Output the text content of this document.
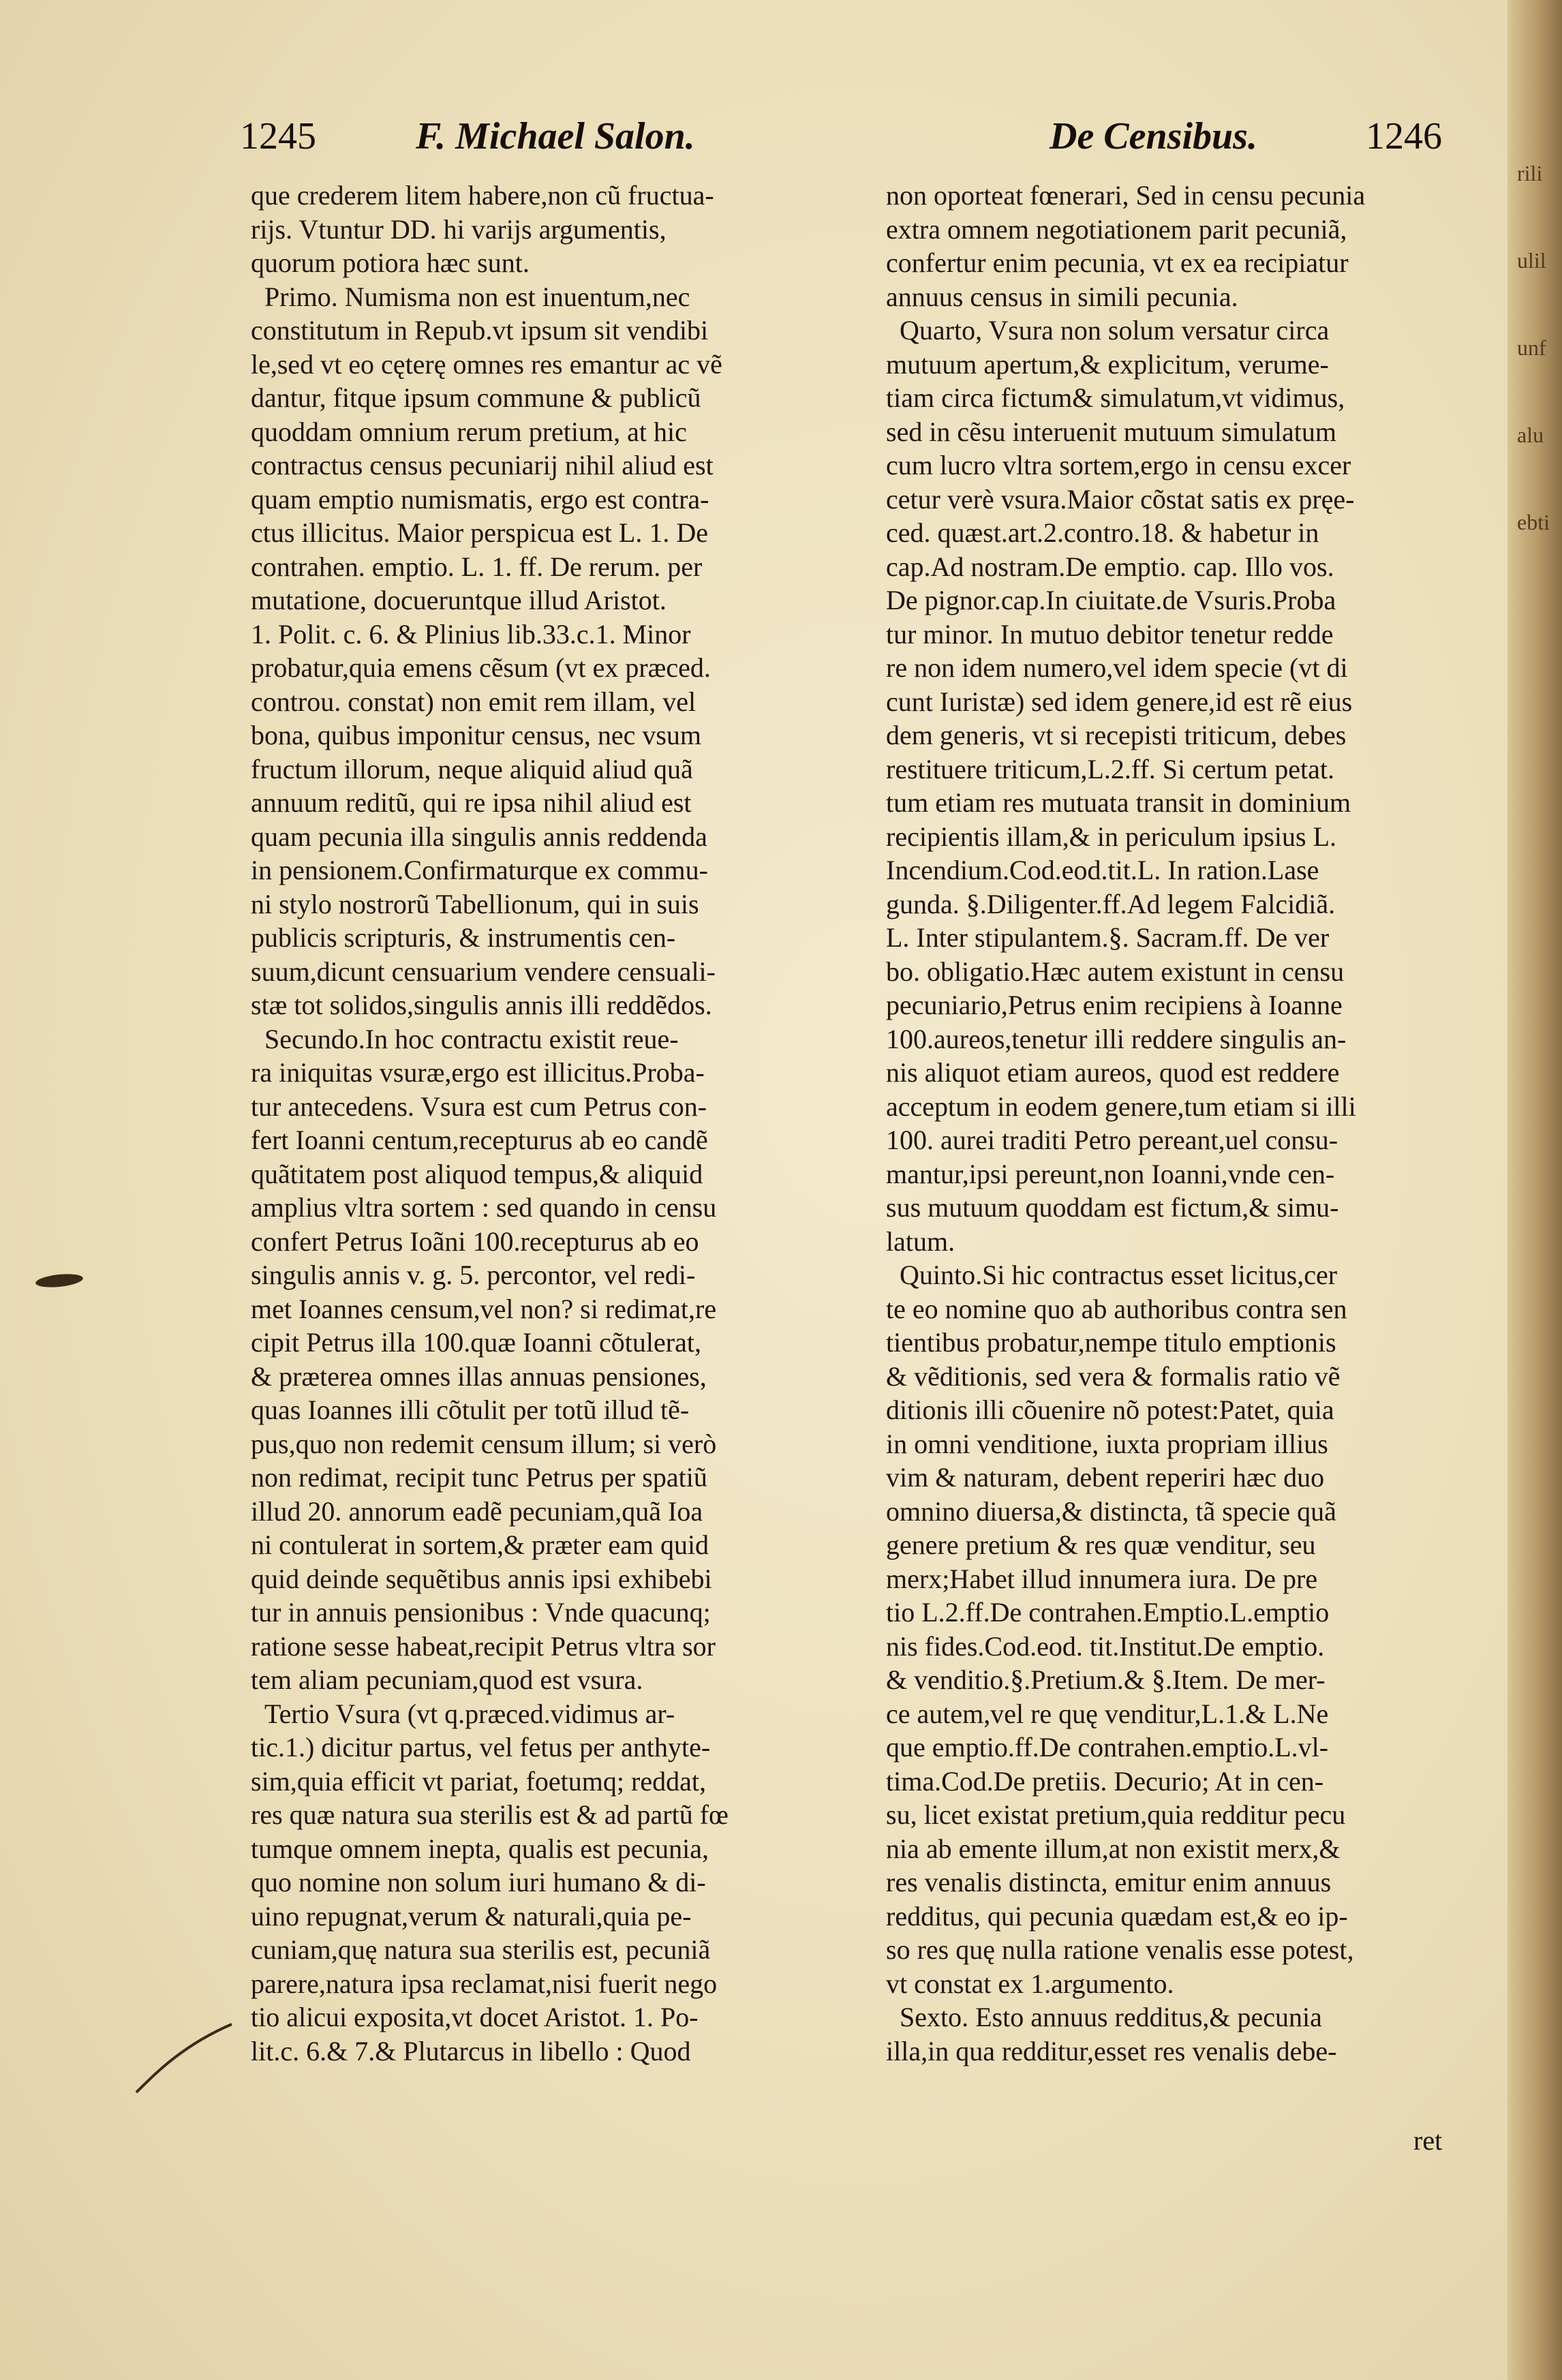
1245	F. Michael Salon.	De Censibus.	1246

que crederem litem habere,non cũ fructua-
rijs. Vtuntur DD. hi varijs argumentis,
quorum potiora hæc sunt.
Primo. Numisma non est inuentum,nec
constitutum in Repub.vt ipsum sit vendibi
le,sed vt eo cęterę omnes res emantur ac vẽ
dantur, fitque ipsum commune & publicũ
quoddam omnium rerum pretium, at hic
contractus census pecuniarij nihil aliud est
quam emptio numismatis, ergo est contra-
ctus illicitus. Maior perspicua est L. 1. De
contrahen. emptio. L. 1. ff. De rerum. per
mutatione, docueruntque illud Aristot.
1. Polit. c. 6. & Plinius lib.33.c.1. Minor
probatur,quia emens cẽsum (vt ex præced.
controu. constat) non emit rem illam, vel
bona, quibus imponitur census, nec vsum
fructum illorum, neque aliquid aliud quã
annuum reditũ, qui re ipsa nihil aliud est
quam pecunia illa singulis annis reddenda
in pensionem.Confirmaturque ex commu-
ni stylo nostrorũ Tabellionum, qui in suis
publicis scripturis, & instrumentis cen-
suum,dicunt censuarium vendere censuali-
stæ tot solidos,singulis annis illi reddẽdos.
Secundo.In hoc contractu existit reue-
ra iniquitas vsuræ,ergo est illicitus.Proba-
tur antecedens. Vsura est cum Petrus con-
fert Ioanni centum,recepturus ab eo candẽ
quãtitatem post aliquod tempus,& aliquid
amplius vltra sortem : sed quando in censu
confert Petrus Ioãni 100.recepturus ab eo
singulis annis v. g. 5. percontor, vel redi-
met Ioannes censum,vel non? si redimat,re
cipit Petrus illa 100.quæ Ioanni cõtulerat,
& præterea omnes illas annuas pensiones,
quas Ioannes illi cõtulit per totũ illud tẽ-
pus,quo non redemit censum illum; si verò
non redimat, recipit tunc Petrus per spatiũ
illud 20. annorum eadẽ pecuniam,quã Ioa
ni contulerat in sortem,& præter eam quid
quid deinde sequẽtibus annis ipsi exhibebi
tur in annuis pensionibus : Vnde quacunq;
ratione sesse habeat,recipit Petrus vltra sor
tem aliam pecuniam,quod est vsura.
Tertio Vsura (vt q.præced.vidimus ar-
tic.1.) dicitur partus, vel fetus per anthyte-
sim,quia efficit vt pariat, foetumq; reddat,
res quæ natura sua sterilis est & ad partũ fœ
tumque omnem inepta, qualis est pecunia,
quo nomine non solum iuri humano & di-
uino repugnat,verum & naturali,quia pe-
cuniam,quę natura sua sterilis est, pecuniã
parere,natura ipsa reclamat,nisi fuerit nego
tio alicui exposita,vt docet Aristot. 1. Po-
lit.c. 6.& 7.& Plutarcus in libello : Quod

non oporteat fœnerari, Sed in censu pecunia
extra omnem negotiationem parit pecuniã,
confertur enim pecunia, vt ex ea recipiatur
annuus census in simili pecunia.
Quarto, Vsura non solum versatur circa
mutuum apertum,& explicitum, verume-
tiam circa fictum& simulatum,vt vidimus,
sed in cẽsu interuenit mutuum simulatum
cum lucro vltra sortem,ergo in censu excer
cetur verè vsura.Maior cõstat satis ex pręe-
ced. quæst.art.2.contro.18. & habetur in
cap.Ad nostram.De emptio. cap. Illo vos.
De pignor.cap.In ciuitate.de Vsuris.Proba
tur minor. In mutuo debitor tenetur redde
re non idem numero,vel idem specie (vt di
cunt Iuristæ) sed idem genere,id est rẽ eius
dem generis, vt si recepisti triticum, debes
restituere triticum,L.2.ff. Si certum petat.
tum etiam res mutuata transit in dominium
recipientis illam,& in periculum ipsius L.
Incendium.Cod.eod.tit.L. In ration.Lase
gunda. §.Diligenter.ff.Ad legem Falcidiã.
L. Inter stipulantem.§. Sacram.ff. De ver
bo. obligatio.Hæc autem existunt in censu
pecuniario,Petrus enim recipiens à Ioanne
100.aureos,tenetur illi reddere singulis an-
nis aliquot etiam aureos, quod est reddere
acceptum in eodem genere,tum etiam si illi
100. aurei traditi Petro pereant,uel consu-
mantur,ipsi pereunt,non Ioanni,vnde cen-
sus mutuum quoddam est fictum,& simu-
latum.
Quinto.Si hic contractus esset licitus,cer
te eo nomine quo ab authoribus contra sen
tientibus probatur,nempe titulo emptionis
& vẽditionis, sed vera & formalis ratio vẽ
ditionis illi cõuenire nõ potest:Patet, quia
in omni venditione, iuxta propriam illius
vim & naturam, debent reperiri hæc duo
omnino diuersa,& distincta, tã specie quã
genere pretium & res quæ venditur, seu
merx;Habet illud innumera iura. De pre
tio L.2.ff.De contrahen.Emptio.L.emptio
nis fides.Cod.eod. tit.Institut.De emptio.
& venditio.§.Pretium.& §.Item. De mer-
ce autem,vel re quę venditur,L.1.& L.Ne
que emptio.ff.De contrahen.emptio.L.vl-
tima.Cod.De pretiis. Decurio; At in cen-
su, licet existat pretium,quia redditur pecu
nia ab emente illum,at non existit merx,&
res venalis distincta, emitur enim annuus
redditus, qui pecunia quædam est,& eo ip-
so res quę nulla ratione venalis esse potest,
vt constat ex 1.argumento.
Sexto. Esto annuus redditus,& pecunia
illa,in qua redditur,esset res venalis debe-

ret
riliulilunfaluebti
